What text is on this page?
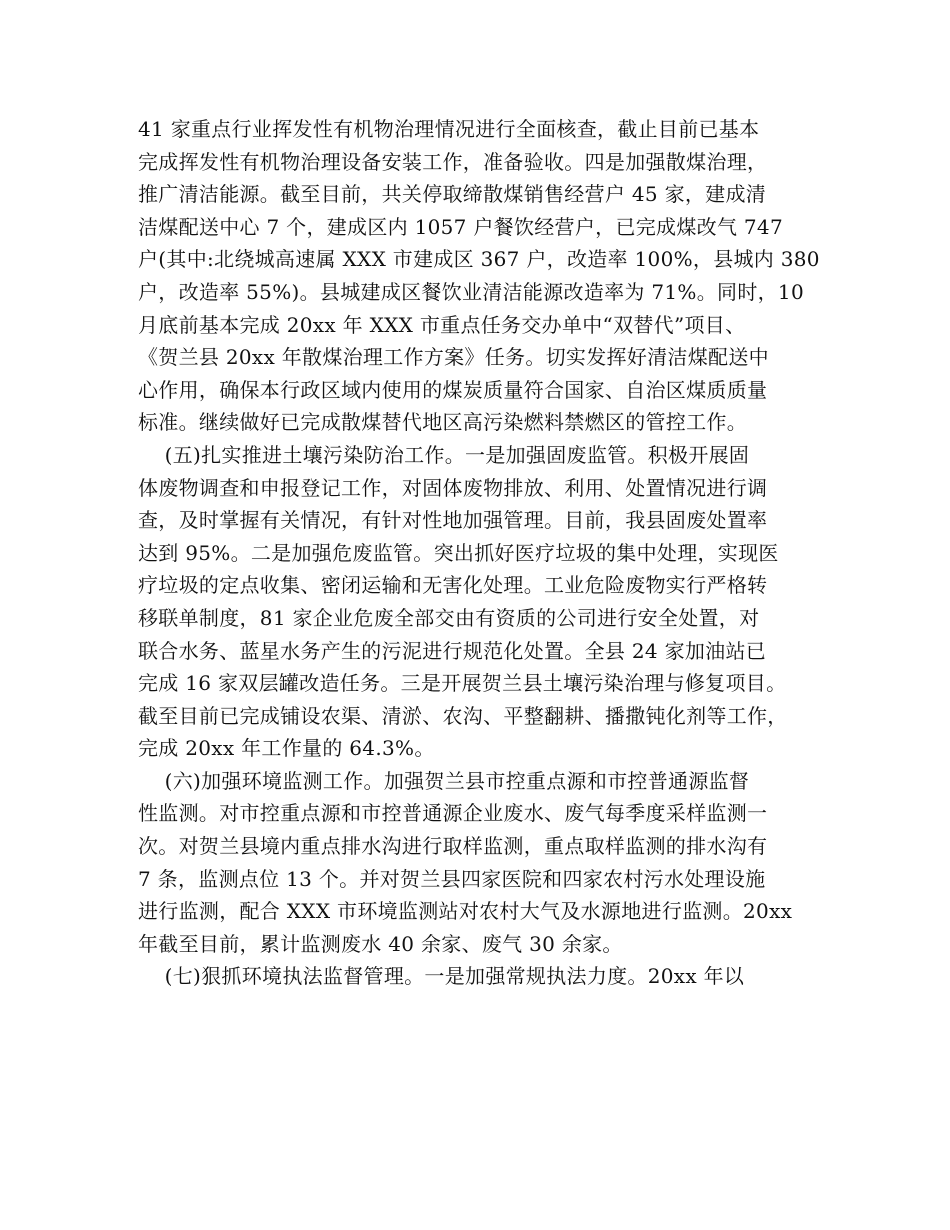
41 家重点行业挥发性有机物治理情况进行全面核查，截止目前已基本
完成挥发性有机物治理设备安装工作，准备验收。四是加强散煤治理，
推广清洁能源。截至目前，共关停取缔散煤销售经营户 45 家，建成清
洁煤配送中心 7 个，建成区内 1057 户餐饮经营户，已完成煤改气 747
户(其中:北绕城高速属 XXX 市建成区 367 户，改造率 100%，县城内 380
户，改造率 55%)。县城建成区餐饮业清洁能源改造率为 71%。同时，10
月底前基本完成 20xx 年 XXX 市重点任务交办单中“双替代”项目、
《贺兰县 20xx 年散煤治理工作方案》任务。切实发挥好清洁煤配送中
心作用，确保本行政区域内使用的煤炭质量符合国家、自治区煤质质量
标准。继续做好已完成散煤替代地区高污染燃料禁燃区的管控工作。
(五)扎实推进土壤污染防治工作。一是加强固废监管。积极开展固
体废物调查和申报登记工作，对固体废物排放、利用、处置情况进行调
查，及时掌握有关情况，有针对性地加强管理。目前，我县固废处置率
达到 95%。二是加强危废监管。突出抓好医疗垃圾的集中处理，实现医
疗垃圾的定点收集、密闭运输和无害化处理。工业危险废物实行严格转
移联单制度，81 家企业危废全部交由有资质的公司进行安全处置，对
联合水务、蓝星水务产生的污泥进行规范化处置。全县 24 家加油站已
完成 16 家双层罐改造任务。三是开展贺兰县土壤污染治理与修复项目。
截至目前已完成铺设农渠、清淤、农沟、平整翻耕、播撒钝化剂等工作，
完成 20xx 年工作量的 64.3%。
(六)加强环境监测工作。加强贺兰县市控重点源和市控普通源监督
性监测。对市控重点源和市控普通源企业废水、废气每季度采样监测一
次。对贺兰县境内重点排水沟进行取样监测，重点取样监测的排水沟有
7 条，监测点位 13 个。并对贺兰县四家医院和四家农村污水处理设施
进行监测，配合 XXX 市环境监测站对农村大气及水源地进行监测。20xx
年截至目前，累计监测废水 40 余家、废气 30 余家。
(七)狠抓环境执法监督管理。一是加强常规执法力度。20xx 年以
